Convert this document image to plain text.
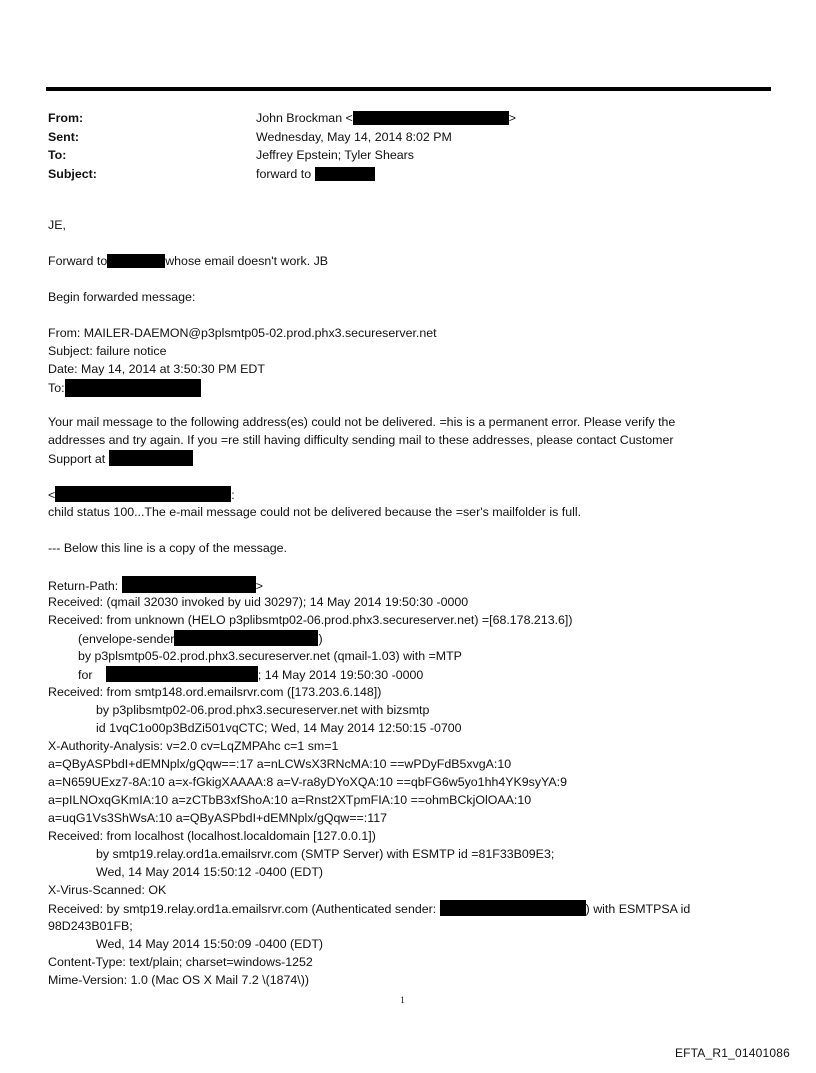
From:	John Brockman <	>
Sent:	Wednesday, May 14, 2014 8:02 PM
To:	Jeffrey Epstein; Tyler Shears
Subject:	forward to
JE,
Forward to	whose email doesn't work. JB
Begin forwarded message:
From: MAILER-DAEMON@p3plsmtp05-02.prod.phx3.secureserver.net
Subject: failure notice
Date: May 14, 2014 at 3:50:30 PM EDT
To:
Your mail message to the following address(es) could not be delivered. =his is a permanent error. Please verify the
addresses and try again. If you =re still having difficulty sending mail to these addresses, please contact Customer
Support at
<	:
child status 100...The e-mail message could not be delivered because the =ser's mailfolder is full.
--- Below this line is a copy of the message.
Return-Path:	>
Received: (qmail 32030 invoked by uid 30297); 14 May 2014 19:50:30 -0000
Received: from unknown (HELO p3plibsmtp02-06.prod.phx3.secureserver.net) =[68.178.213.6])
(envelope-sender	)
by p3plsmtp05-02.prod.phx3.secureserver.net (qmail-1.03) with =MTP
for	; 14 May 2014 19:50:30 -0000
Received: from smtp148.ord.emailsrvr.com ([173.203.6.148])
by p3plibsmtp02-06.prod.phx3.secureserver.net with bizsmtp
id 1vqC1o00p3BdZi501vqCTC; Wed, 14 May 2014 12:50:15 -0700
X-Authority-Analysis: v=2.0 cv=LqZMPAhc c=1 sm=1
a=QByASPbdI+dEMNplx/gQqw==:17 a=nLCWsX3RNcMA:10 ==wPDyFdB5xvgA:10
a=N659UExz7-8A:10 a=x-fGkigXAAAA:8 a=V-ra8yDYoXQA:10 ==qbFG6w5yo1hh4YK9syYA:9
a=pILNOxqGKmIA:10 a=zCTbB3xfShoA:10 a=Rnst2XTpmFIA:10 ==ohmBCkjOlOAA:10
a=uqG1Vs3ShWsA:10 a=QByASPbdI+dEMNplx/gQqw==:117
Received: from localhost (localhost.localdomain [127.0.0.1])
by smtp19.relay.ord1a.emailsrvr.com (SMTP Server) with ESMTP id =81F33B09E3;
Wed, 14 May 2014 15:50:12 -0400 (EDT)
X-Virus-Scanned: OK
Received: by smtp19.relay.ord1a.emailsrvr.com (Authenticated sender:	) with ESMTPSA id
98D243B01FB;
Wed, 14 May 2014 15:50:09 -0400 (EDT)
Content-Type: text/plain; charset=windows-1252
Mime-Version: 1.0 (Mac OS X Mail 7.2 \(1874\))
1
EFTA_R1_01401086
